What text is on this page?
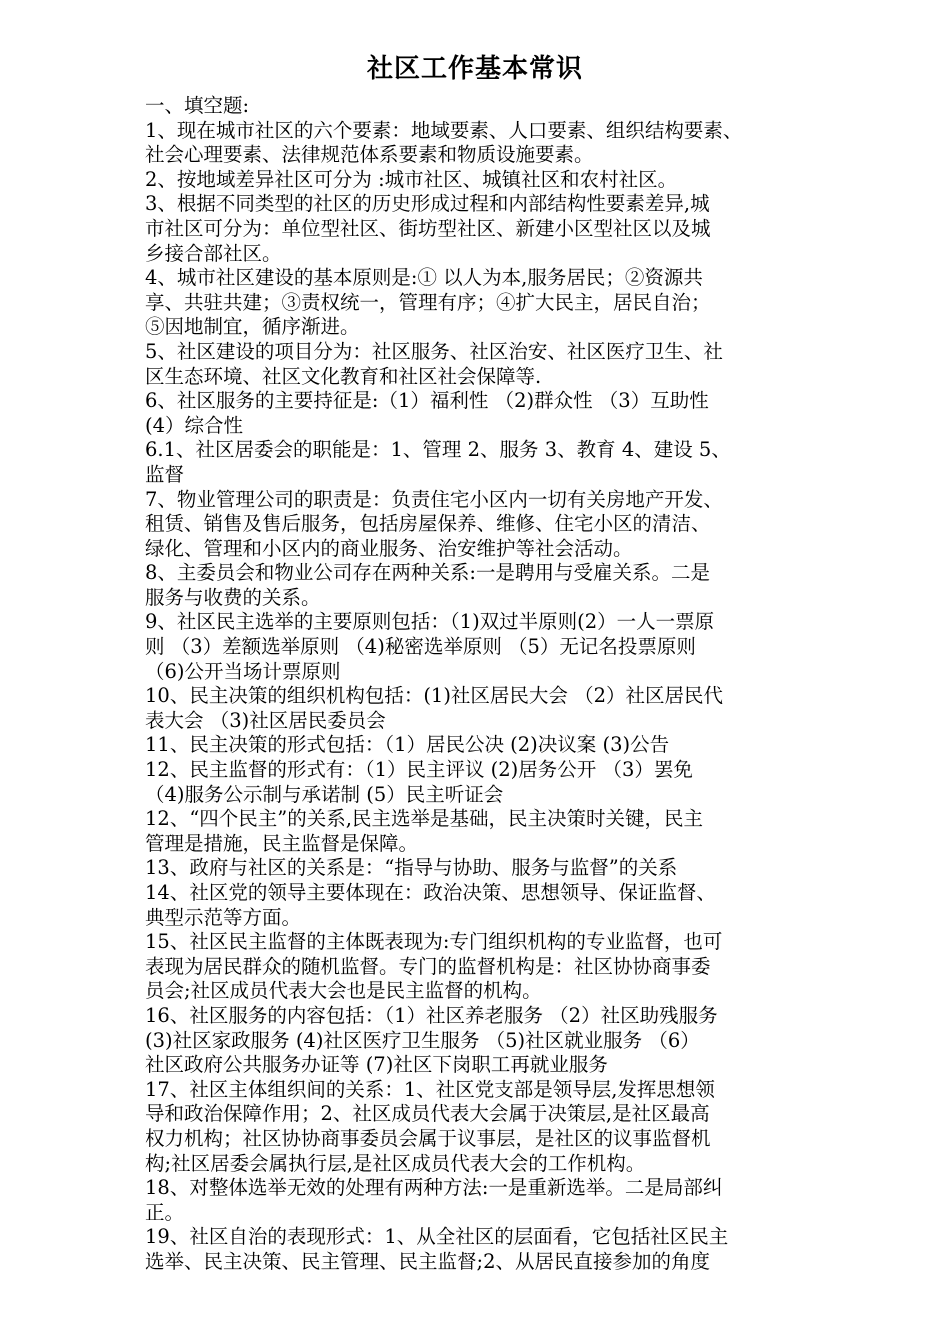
社区工作基本常识
一、填空题:
1、现在城市社区的六个要素：地域要素、人口要素、组织结构要素、
社会心理要素、法律规范体系要素和物质设施要素。
2、按地域差异社区可分为 :城市社区、城镇社区和农村社区。
3、根据不同类型的社区的历史形成过程和内部结构性要素差异,城
市社区可分为：单位型社区、街坊型社区、新建小区型社区以及城
乡接合部社区。
4、城市社区建设的基本原则是:① 以人为本,服务居民；②资源共
享、共驻共建；③责权统一，管理有序；④扩大民主，居民自治；
⑤因地制宜，循序渐进。
5、社区建设的项目分为：社区服务、社区治安、社区医疗卫生、社
区生态环境、社区文化教育和社区社会保障等.
6、社区服务的主要持征是:（1）福利性 （2)群众性 （3）互助性
(4）综合性
6.1、社区居委会的职能是：1、管理 2、服务 3、教育 4、建设 5、
监督
7、物业管理公司的职责是：负责住宅小区内一切有关房地产开发、
租赁、销售及售后服务，包括房屋保养、维修、住宅小区的清洁、
绿化、管理和小区内的商业服务、治安维护等社会活动。
8、主委员会和物业公司存在两种关系:一是聘用与受雇关系。二是
服务与收费的关系。
9、社区民主选举的主要原则包括：（1)双过半原则(2）一人一票原
则 （3）差额选举原则 （4)秘密选举原则 （5）无记名投票原则
（6)公开当场计票原则
10、民主决策的组织机构包括：(1)社区居民大会 （2）社区居民代
表大会 （3)社区居民委员会
11、民主决策的形式包括：（1）居民公决 (2)决议案 (3)公告
12、民主监督的形式有：（1）民主评议 (2)居务公开 （3）罢免
（4)服务公示制与承诺制 (5）民主听证会
12、“四个民主”的关系,民主选举是基础，民主决策时关键，民主
管理是措施，民主监督是保障。
13、政府与社区的关系是：“指导与协助、服务与监督”的关系
14、社区党的领导主要体现在：政治决策、思想领导、保证监督、
典型示范等方面。
15、社区民主监督的主体既表现为:专门组织机构的专业监督，也可
表现为居民群众的随机监督。专门的监督机构是：社区协协商事委
员会;社区成员代表大会也是民主监督的机构。
16、社区服务的内容包括：（1）社区养老服务 （2）社区助残服务
(3)社区家政服务 (4)社区医疗卫生服务 （5)社区就业服务 （6）
社区政府公共服务办证等 (7)社区下岗职工再就业服务
17、社区主体组织间的关系：1、社区党支部是领导层,发挥思想领
导和政治保障作用；2、社区成员代表大会属于决策层,是社区最高
权力机构；社区协协商事委员会属于议事层，是社区的议事监督机
构;社区居委会属执行层,是社区成员代表大会的工作机构。
18、对整体选举无效的处理有两种方法:一是重新选举。二是局部纠
正。
19、社区自治的表现形式：1、从全社区的层面看，它包括社区民主
选举、民主决策、民主管理、民主监督;2、从居民直接参加的角度
